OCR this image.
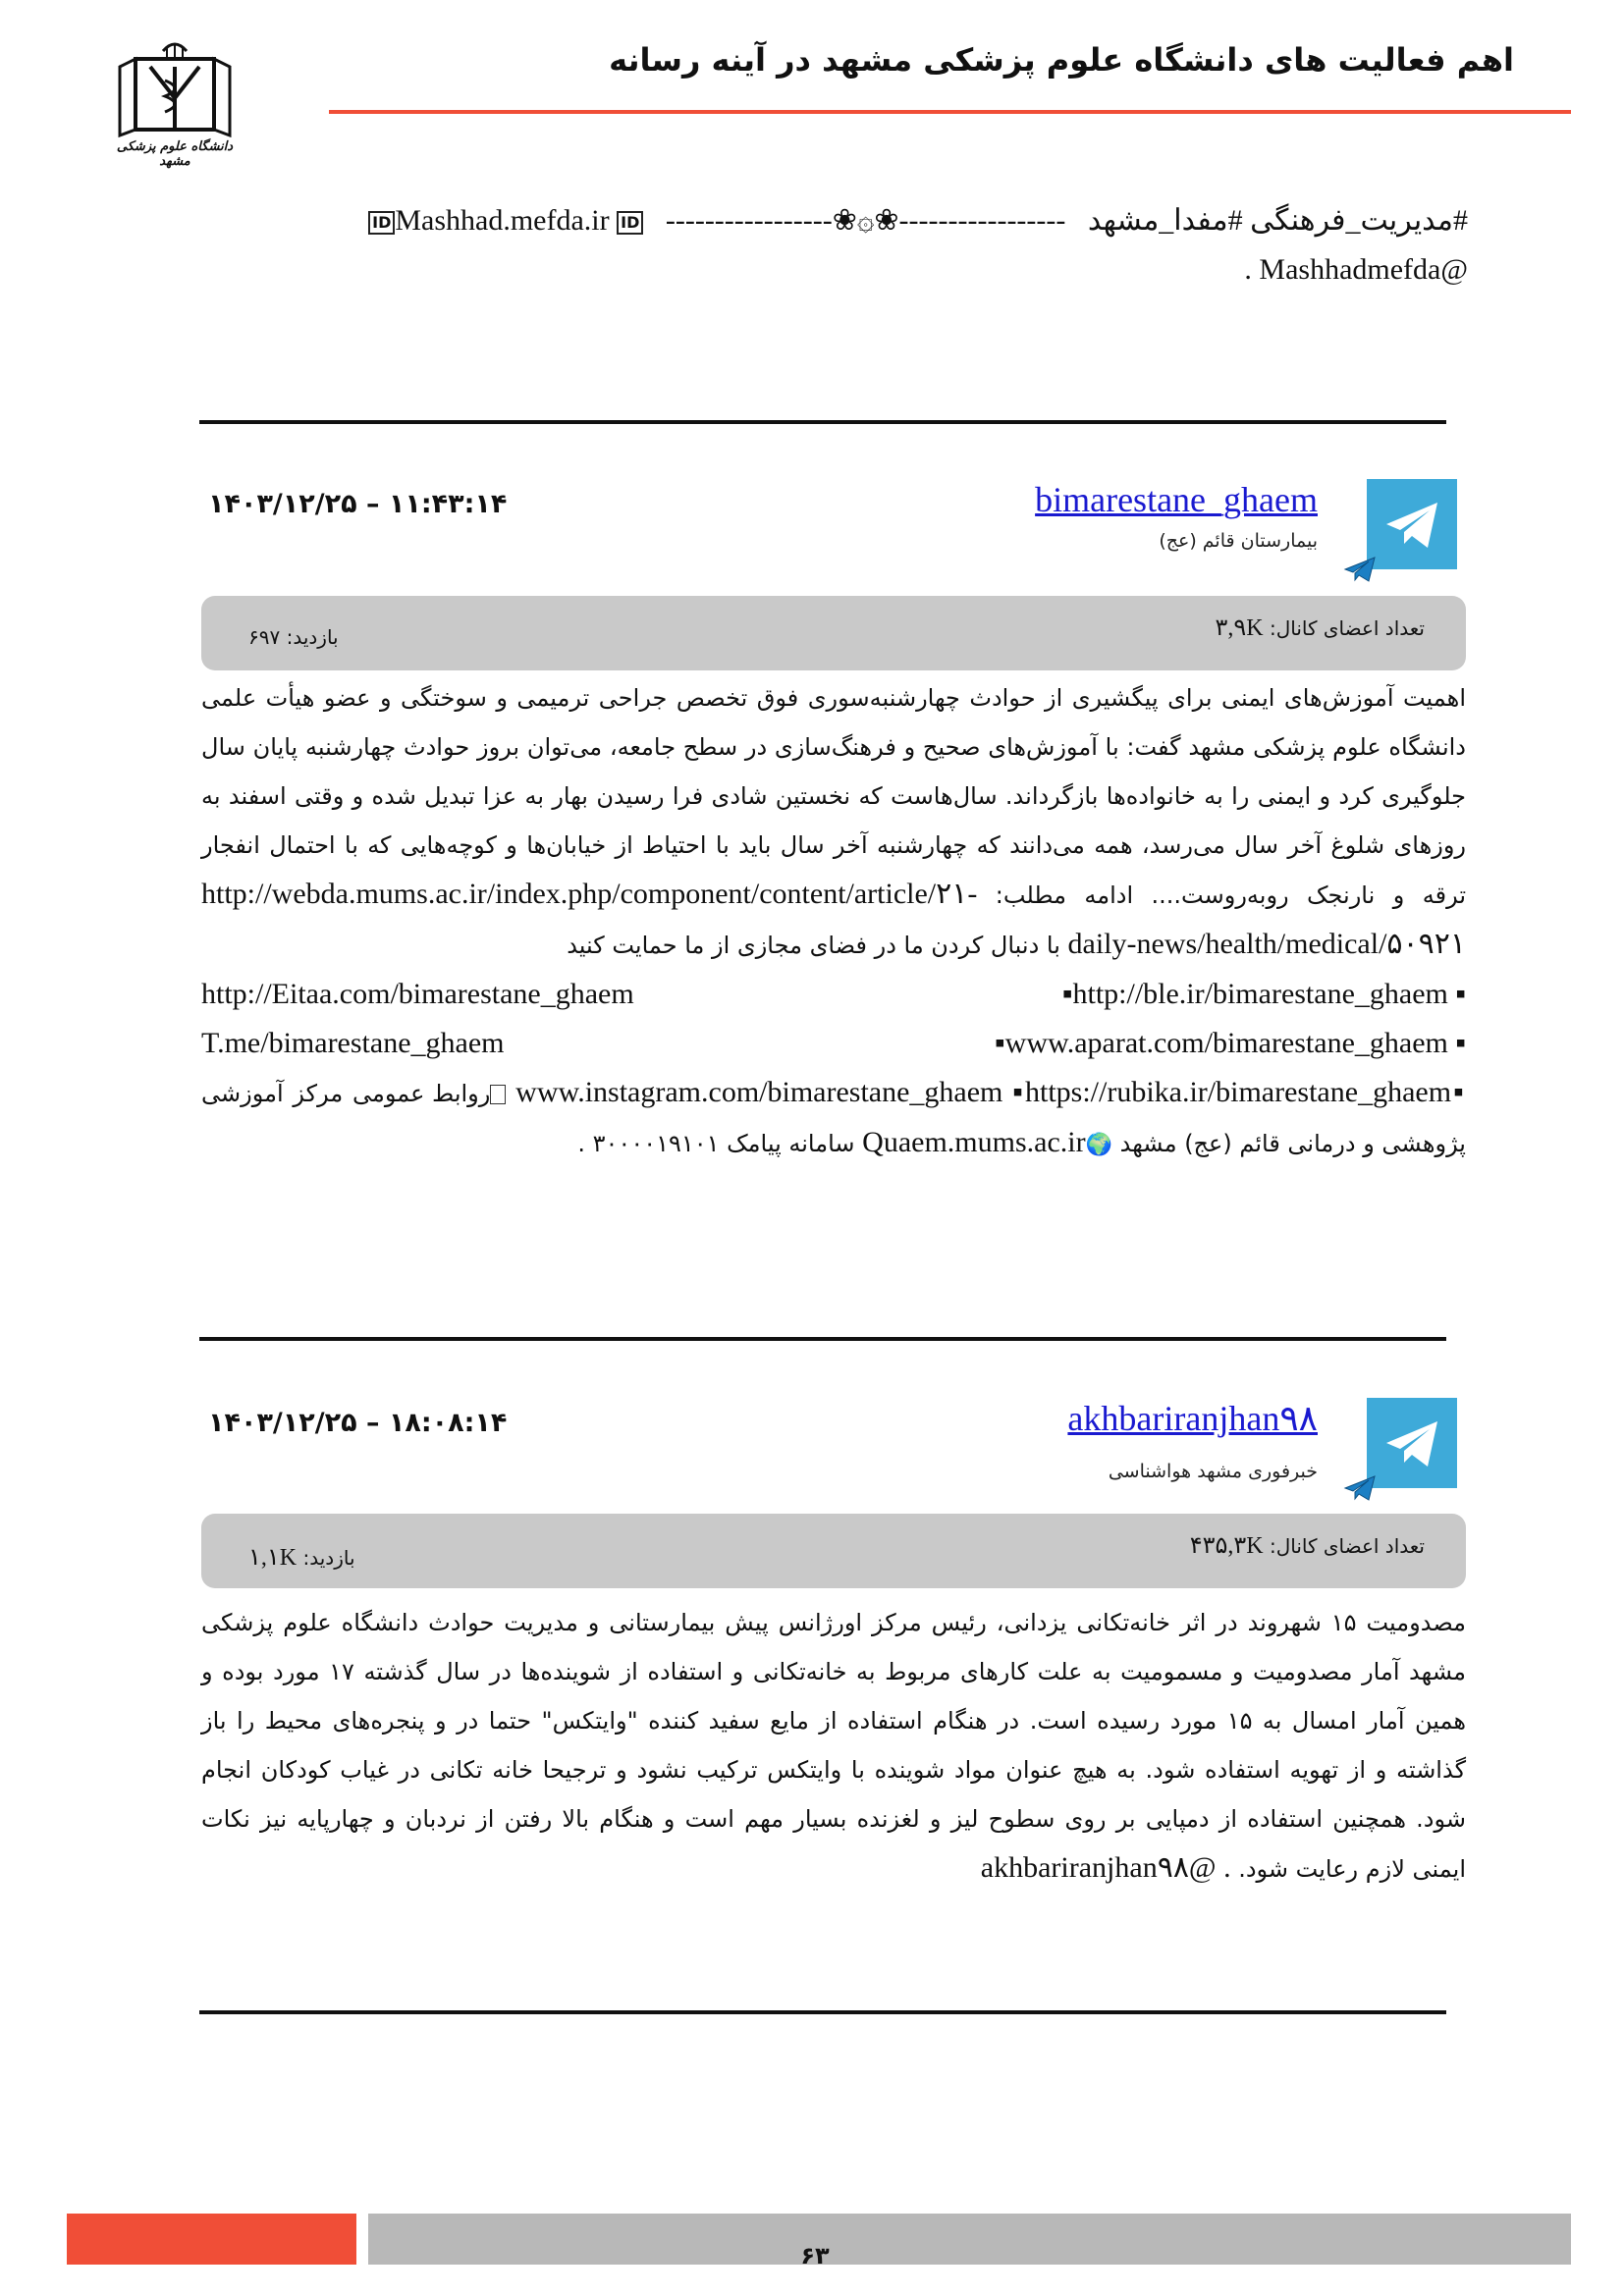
دانشگاه علوم پزشکی مشهد
اهم فعالیت های دانشگاه علوم پزشکی مشهد در آینه رسانه
#مدیریت_فرهنگی #مفدا_مشهد   -----------------❀۞❀-----------------   ID Mashhad.mefda.irID
Mashhadmefda@ .
bimarestane_ghaem
بیمارستان قائم (عج)
۱۴۰۳/۱۲/۲۵ – ۱۱:۴۳:۱۴
تعداد اعضای کانال: ۳,۹K
بازدید: ۶۹۷
اهمیت آموزش‌های ایمنی برای پیگشیری از حوادث چهارشنبه‌سوری فوق تخصص جراحی ترمیمی و سوختگی و عضو هیأت علمی دانشگاه علوم پزشکی مشهد گفت: با آموزش‌های صحیح و فرهنگ‌سازی در سطح جامعه، می‌توان بروز حوادث چهارشنبه پایان سال جلوگیری کرد و ایمنی را به خانواده‌ها بازگرداند. سال‌هاست که نخستین شادی فرا رسیدن بهار به عزا تبدیل شده و وقتی اسفند به روزهای شلوغ آخر سال می‌رسد، همه می‌دانند که چهارشنبه آخر سال باید با احتیاط از خیابان‌ها و کوچه‌هایی که با احتمال انفجار ترقه و نارنجک روبه‌روست.... ادامه مطلب: http://webda.mums.ac.ir/index.php/component/content/article/۲۱-daily-news/health/medical/۵۰۹۲۱ با دنبال کردن ما در فضای مجازی از ما حمایت کنید
▪http://ble.ir/bimarestane_ghaem ▪
http://Eitaa.com/bimarestane_ghaem
▪www.aparat.com/bimarestane_ghaem ▪
T.me/bimarestane_ghaem
▪https://rubika.ir/bimarestane_ghaem▪ www.instagram.com/bimarestane_ghaem روابط عمومی مرکز آموزشی پژوهشی و درمانی قائم (عج) مشهد 🌍Quaem.mums.ac.ir سامانه پیامک ۳۰۰۰۰۱۹۱۰۱ .
akhbariranjhan۹۸
خبرفوری مشهد هواشناسی
۱۴۰۳/۱۲/۲۵ – ۱۸:۰۸:۱۴
تعداد اعضای کانال: ۴۳۵,۳K
بازدید: ۱,۱K
مصدومیت ۱۵ شهروند در اثر خانه‌تکانی یزدانی، رئیس مرکز اورژانس پیش بیمارستانی و مدیریت حوادث دانشگاه علوم پزشکی مشهد آمار مصدومیت و مسمومیت به علت کارهای مربوط به خانه‌تکانی و استفاده از شوینده‌ها در سال گذشته ۱۷ مورد بوده و همین آمار امسال به ۱۵ مورد رسیده است. در هنگام استفاده از مایع سفید کننده "وایتکس" حتما در و پنجره‌های محیط را باز گذاشته و از تهویه استفاده شود. به هیچ عنوان مواد شوینده با وایتکس ترکیب نشود و ترجیحا خانه تکانی در غیاب کودکان انجام شود. همچنین استفاده از دمپایی بر روی سطوح لیز و لغزنده بسیار مهم است و هنگام بالا رفتن از نردبان و چهارپایه نیز نکات ایمنی لازم رعایت شود. akhbariranjhan۹۸@ .
۶۳
